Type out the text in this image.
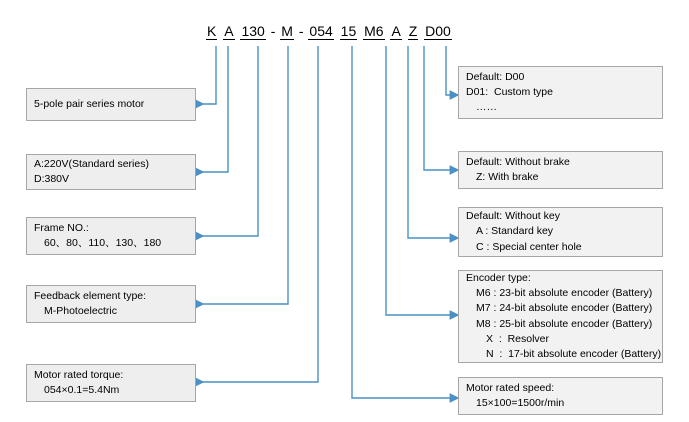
K
A
130 - M - 054
15
M6
A
Z
D00
5-pole pair series motor
A:220V(Standard series)
D:380V
Frame NO.:
60、80、110、130、180
Feedback element type:
M-Photoelectric
Motor rated torque:
054×0.1=5.4Nm
Default: D00
D01:  Custom type
……
Default: Without brake
Z: With brake
Default: Without key
A : Standard key
C : Special center hole
Encoder type:
M6 : 23-bit absolute encoder (Battery)
M7 : 24-bit absolute encoder (Battery)
M8 : 25-bit absolute encoder (Battery)
X  :  Resolver
N  :  17-bit absolute encoder (Battery)
Motor rated speed:
15×100=1500r/min
